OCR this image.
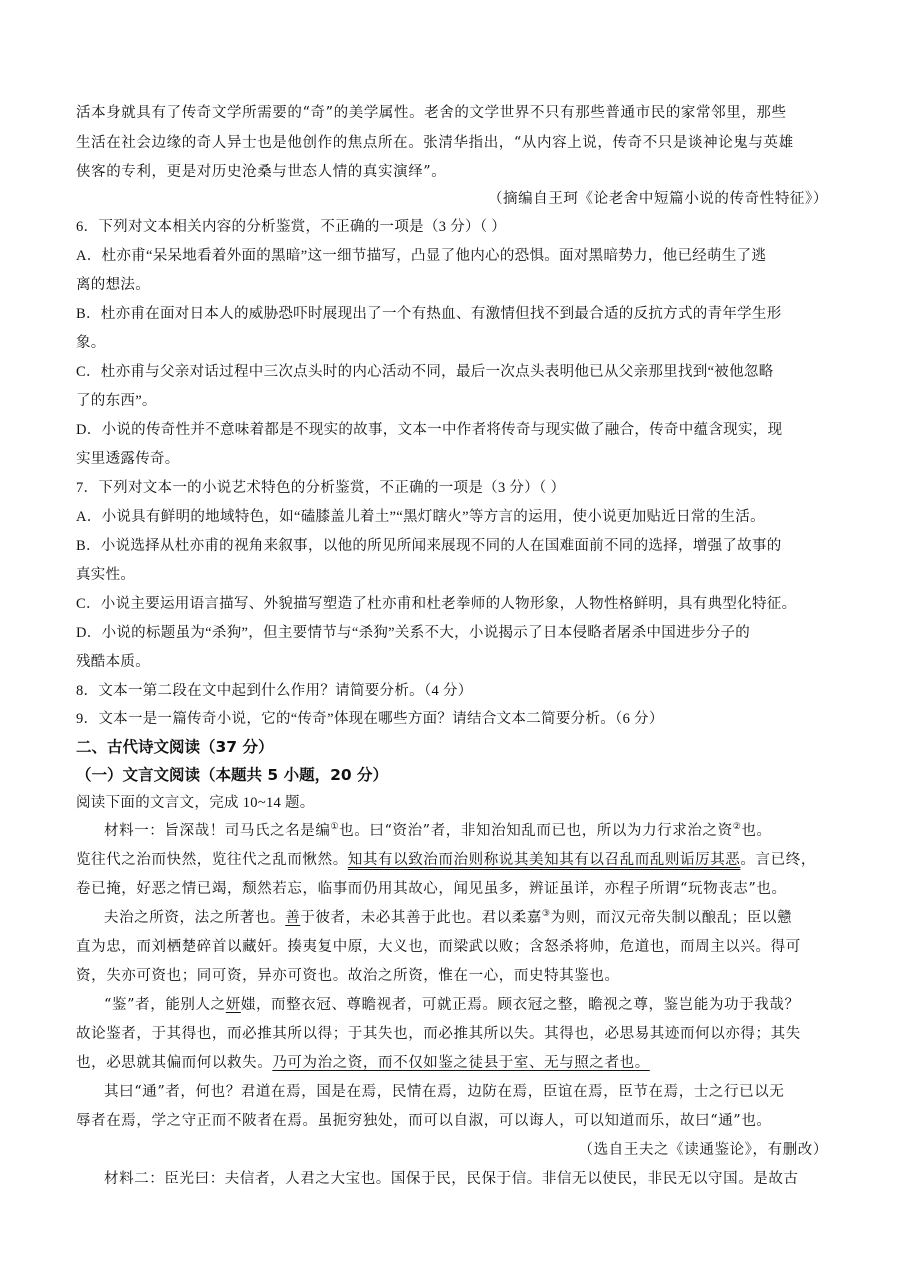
活本身就具有了传奇文学所需要的“奇”的美学属性。老舍的文学世界不只有那些普通市民的家常邻里，那些
生活在社会边缘的奇人异士也是他创作的焦点所在。张清华指出，“从内容上说，传奇不只是谈神论鬼与英雄
侠客的专利，更是对历史沧桑与世态人情的真实演绎”。
（摘编自王珂《论老舍中短篇小说的传奇性特征》）
6．下列对文本相关内容的分析鉴赏，不正确的一项是（3 分）（ ）
A．杜亦甫“呆呆地看着外面的黑暗”这一细节描写，凸显了他内心的恐惧。面对黑暗势力，他已经萌生了逃
离的想法。
B．杜亦甫在面对日本人的威胁恐吓时展现出了一个有热血、有激情但找不到最合适的反抗方式的青年学生形
象。
C．杜亦甫与父亲对话过程中三次点头时的内心活动不同，最后一次点头表明他已从父亲那里找到“被他忽略
了的东西”。
D．小说的传奇性并不意味着都是不现实的故事，文本一中作者将传奇与现实做了融合，传奇中蕴含现实，现
实里透露传奇。
7．下列对文本一的小说艺术特色的分析鉴赏，不正确的一项是（3 分）（ ）
A．小说具有鲜明的地域特色，如“磕膝盖儿着土”“黑灯瞎火”等方言的运用，使小说更加贴近日常的生活。
B．小说选择从杜亦甫的视角来叙事，以他的所见所闻来展现不同的人在国难面前不同的选择，增强了故事的
真实性。
C．小说主要运用语言描写、外貌描写塑造了杜亦甫和杜老拳师的人物形象，人物性格鲜明，具有典型化特征。
D．小说的标题虽为“杀狗”，但主要情节与“杀狗”关系不大，小说揭示了日本侵略者屠杀中国进步分子的
残酷本质。
8．文本一第二段在文中起到什么作用？请简要分析。（4 分）
9．文本一是一篇传奇小说，它的“传奇”体现在哪些方面？请结合文本二简要分析。（6 分）
二、古代诗文阅读（37 分）
（一）文言文阅读（本题共 5 小题，20 分）
阅读下面的文言文，完成 10~14 题。
材料一：旨深哉！司马氏之名是编①也。曰“资治”者，非知治知乱而已也，所以为力行求治之资②也。
览往代之治而快然，览往代之乱而愀然。知其有以致治而治则称说其美知其有以召乱而乱则诟厉其恶。言已终，
卷已掩，好恶之情已竭，颓然若忘，临事而仍用其故心，闻见虽多，辨证虽详，亦程子所谓“玩物丧志”也。
夫治之所资，法之所著也。善于彼者，未必其善于此也。君以柔嘉③为则，而汉元帝失制以酿乱；臣以戆
直为忠，而刘栖楚碎首以藏奸。揍夷复中原，大义也，而梁武以败；含怒杀将帅，危道也，而周主以兴。得可
资，失亦可资也；同可资，异亦可资也。故治之所资，惟在一心，而史特其鉴也。
“鉴”者，能别人之妍媸，而整衣冠、尊瞻视者，可就正焉。顾衣冠之整，瞻视之尊，鉴岂能为功于我哉？
故论鉴者，于其得也，而必推其所以得；于其失也，而必推其所以失。其得也，必思易其迹而何以亦得；其失
也，必思就其偏而何以救失。乃可为治之资，而不仅如鉴之徒县于室、无与照之者也。
其曰“通”者，何也？君道在焉，国是在焉，民情在焉，边防在焉，臣谊在焉，臣节在焉，士之行已以无
辱者在焉，学之守正而不陂者在焉。虽扼穷独处，而可以自淑，可以诲人，可以知道而乐，故曰“通”也。
（选自王夫之《读通鉴论》，有删改）
材料二：臣光曰：夫信者，人君之大宝也。国保于民，民保于信。非信无以使民，非民无以守国。是故古
